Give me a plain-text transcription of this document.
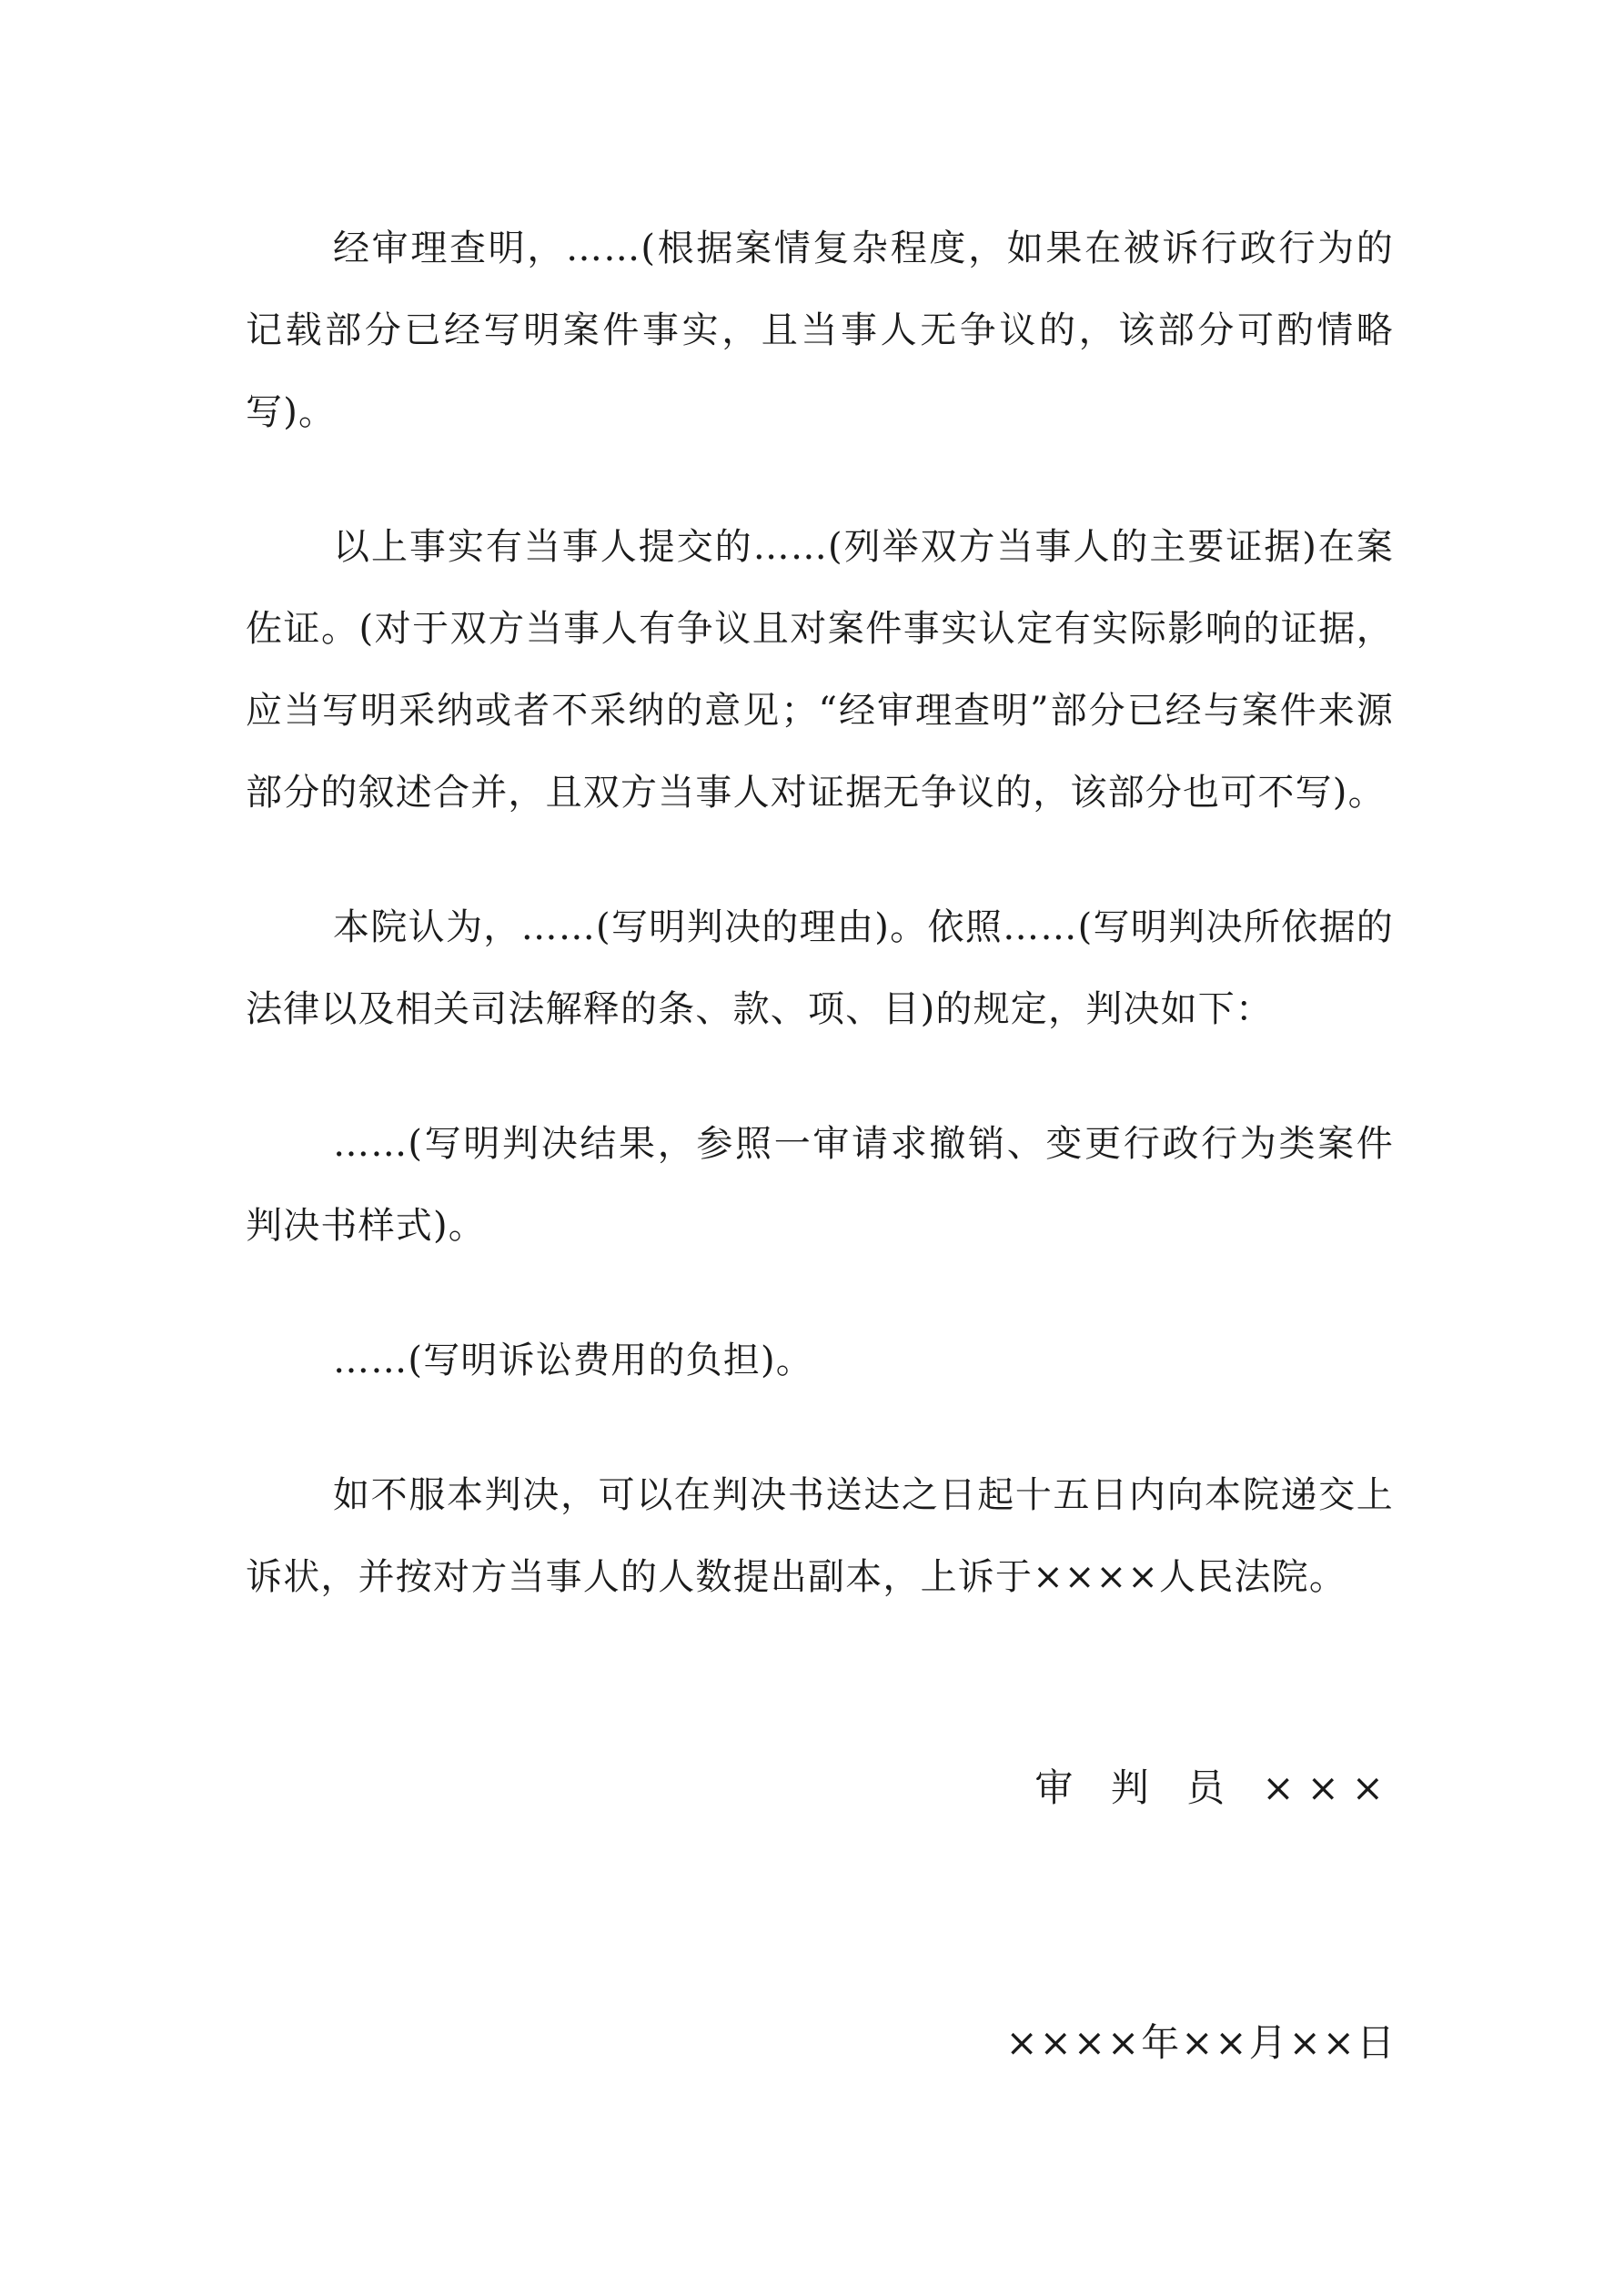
经审理查明，……(根据案情复杂程度，如果在被诉行政行为的记载部分已经写明案件事实，且当事人无争议的，该部分可酌情略写)。

以上事实有当事人提交的……(列举双方当事人的主要证据)在案佐证。(对于双方当事人有争议且对案件事实认定有实际影响的证据，应当写明采纳或者不采纳的意见；“经审理查明”部分已经与案件来源部分的叙述合并，且双方当事人对证据无争议的，该部分也可不写)。

本院认为，……(写明判决的理由)。依照……(写明判决所依据的法律以及相关司法解释的条、款、项、目)的规定，判决如下：

……(写明判决结果，参照一审请求撤销、变更行政行为类案件判决书样式)。

……(写明诉讼费用的负担)。

如不服本判决，可以在判决书送达之日起十五日内向本院递交上诉状，并按对方当事人的人数提出副本，上诉于××××人民法院。

审 判 员 ×××
××××年××月××日
